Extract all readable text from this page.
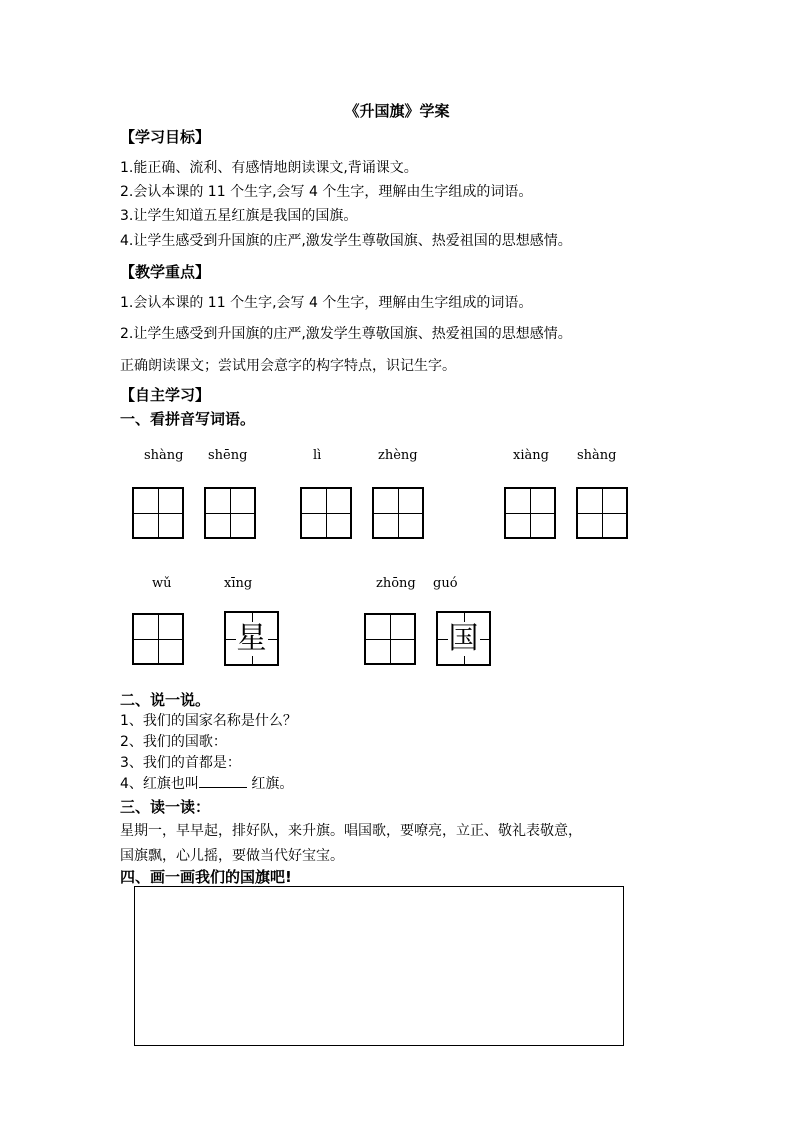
《升国旗》学案
【学习目标】
1.能正确、流利、有感情地朗读课文,背诵课文。
2.会认本课的 11 个生字,会写 4 个生字，理解由生字组成的词语。
3.让学生知道五星红旗是我国的国旗。
4.让学生感受到升国旗的庄严,激发学生尊敬国旗、热爱祖国的思想感情。
【教学重点】
1.会认本课的 11 个生字,会写 4 个生字，理解由生字组成的词语。
2.让学生感受到升国旗的庄严,激发学生尊敬国旗、热爱祖国的思想感情。
正确朗读课文；尝试用会意字的构字特点，识记生字。
【自主学习】
一、看拼音写词语。
shàng shēng	lì	zhèng	xiàng shàng
wǔ	xīng	zhōng guó
星	国
二、说一说。
1、我们的国家名称是什么？
2、我们的国歌：
3、我们的首都是：
4、红旗也叫	红旗。
三、读一读：
星期一，早早起，排好队，来升旗。唱国歌，要嘹亮，立正、敬礼表敬意，
国旗飘，心儿摇，要做当代好宝宝。
四、画一画我们的国旗吧!
